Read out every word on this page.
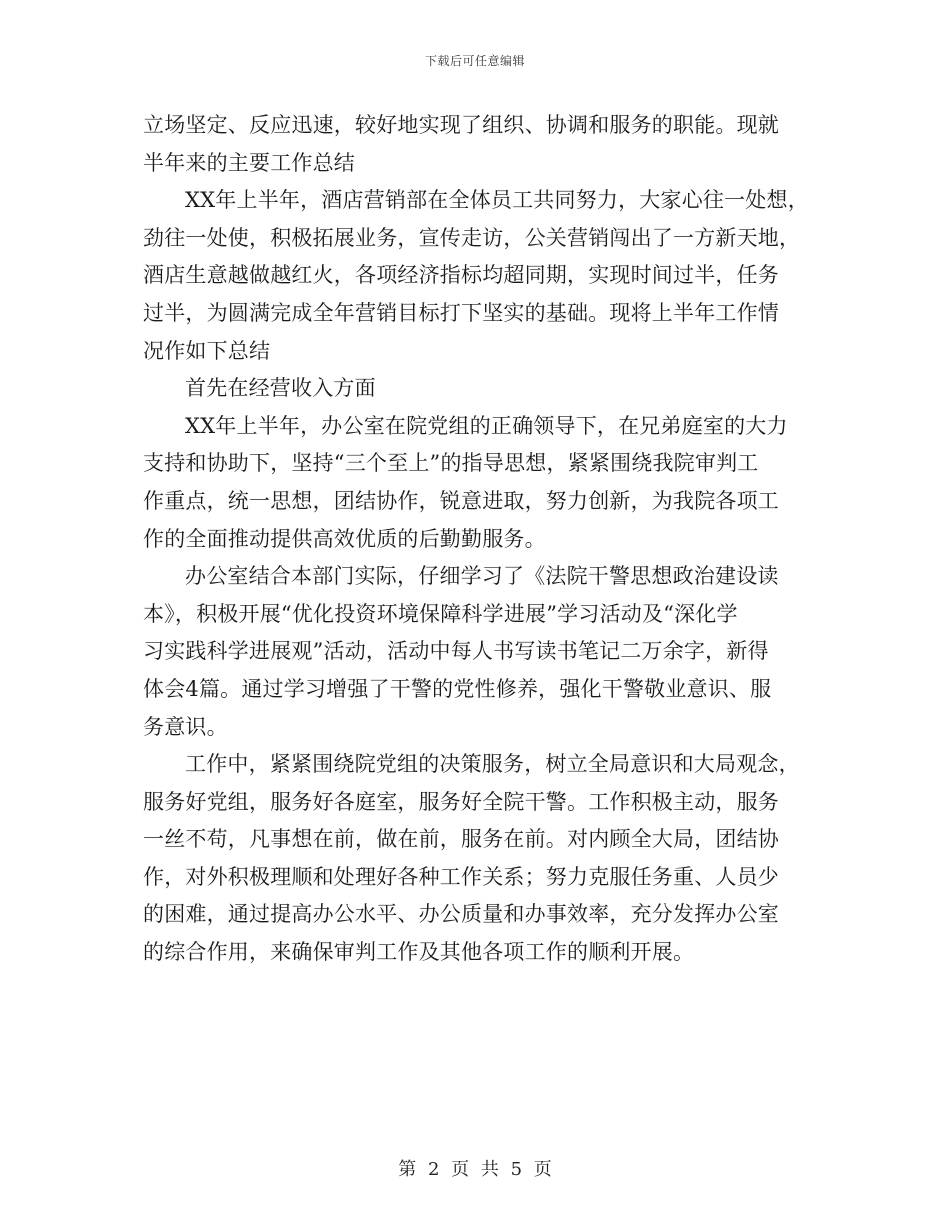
下载后可任意编辑

立场坚定、反应迅速，较好地实现了组织、协调和服务的职能。现就
半年来的主要工作总结

XX年上半年，酒店营销部在全体员工共同努力，大家心往一处想，
劲往一处使，积极拓展业务，宣传走访，公关营销闯出了一方新天地，
酒店生意越做越红火，各项经济指标均超同期，实现时间过半，任务
过半，为圆满完成全年营销目标打下坚实的基础。现将上半年工作情
况作如下总结

首先在经营收入方面

XX年上半年，办公室在院党组的正确领导下，在兄弟庭室的大力
支持和协助下，坚持“三个至上”的指导思想，紧紧围绕我院审判工
作重点，统一思想，团结协作，锐意进取，努力创新，为我院各项工
作的全面推动提供高效优质的后勤勤服务。

办公室结合本部门实际，仔细学习了《法院干警思想政治建设读
本》，积极开展“优化投资环境保障科学进展”学习活动及“深化学
习实践科学进展观”活动，活动中每人书写读书笔记二万余字，新得
体会4篇。通过学习增强了干警的党性修养，强化干警敬业意识、服
务意识。

工作中，紧紧围绕院党组的决策服务，树立全局意识和大局观念，
服务好党组，服务好各庭室，服务好全院干警。工作积极主动，服务
一丝不苟，凡事想在前，做在前，服务在前。对内顾全大局，团结协
作，对外积极理顺和处理好各种工作关系；努力克服任务重、人员少
的困难，通过提高办公水平、办公质量和办事效率，充分发挥办公室
的综合作用，来确保审判工作及其他各项工作的顺利开展。

第 2 页 共 5 页
